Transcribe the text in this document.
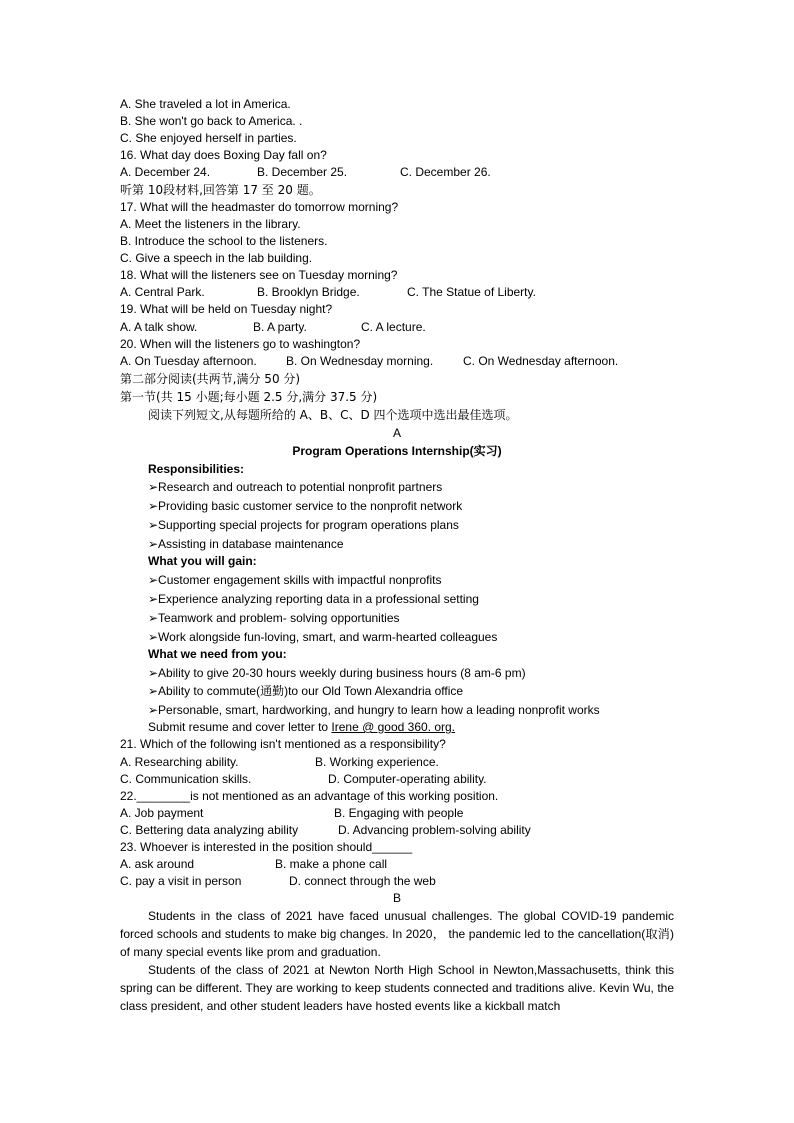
A. She traveled a lot in America.
B. She won't go back to America. .
C. She enjoyed herself in parties.
16. What day does Boxing Day fall on?
A. December 24.	B. December 25.	C. December 26.
听第 10段材料,回答第 17 至 20 题。
17. What will the headmaster do tomorrow morning?
A. Meet the listeners in the library.
B. Introduce the school to the listeners.
C. Give a speech in the lab building.
18. What will the listeners see on Tuesday morning?
A. Central Park.	B. Brooklyn Bridge.	C. The Statue of Liberty.
19. What will be held on Tuesday night?
A. A talk show.	B. A party.	C. A lecture.
20. When will the listeners go to washington?
A. On Tuesday afternoon. B. On Wednesday morning. C. On Wednesday afternoon.
第二部分阅读(共两节,满分 50 分)
第一节(共 15 小题;每小题 2.5 分,满分 37.5 分)
阅读下列短文,从每题所给的 A、B、C、D 四个选项中选出最佳选项。
A
Program Operations Internship(实习)
Responsibilities:
➢Research and outreach to potential nonprofit partners
➢Providing basic customer service to the nonprofit network
➢Supporting special projects for program operations plans
➢Assisting in database maintenance
What you will gain:
➢Customer engagement skills with impactful nonprofits
➢Experience analyzing reporting data in a professional setting
➢Teamwork and problem- solving opportunities
➢Work alongside fun-loving, smart, and warm-hearted colleagues
What we need from you:
➢Ability to give 20-30 hours weekly during business hours (8 am-6 pm)
➢Ability to commute(通勤)to our Old Town Alexandria office
➢Personable, smart, hardworking, and hungry to learn how a leading nonprofit works
Submit resume and cover letter to Irene @ good 360. org.
21. Which of the following isn't mentioned as a responsibility?
A. Researching ability.	B. Working experience.
C. Communication skills.	D. Computer-operating ability.
22.________is not mentioned as an advantage of this working position.
A. Job payment	B. Engaging with people
C. Bettering data analyzing ability	D. Advancing problem-solving ability
23. Whoever is interested in the position should______
A. ask around	B. make a phone call
C. pay a visit in person	D. connect through the web
B
Students in the class of 2021 have faced unusual challenges. The global COVID-19 pandemic forced schools and students to make big changes. In 2020， the pandemic led to the cancellation(取消) of many special events like prom and graduation.
Students of the class of 2021 at Newton North High School in Newton,Massachusetts, think this spring can be different. They are working to keep students connected and traditions alive. Kevin Wu, the class president, and other student leaders have hosted events like a kickball match
